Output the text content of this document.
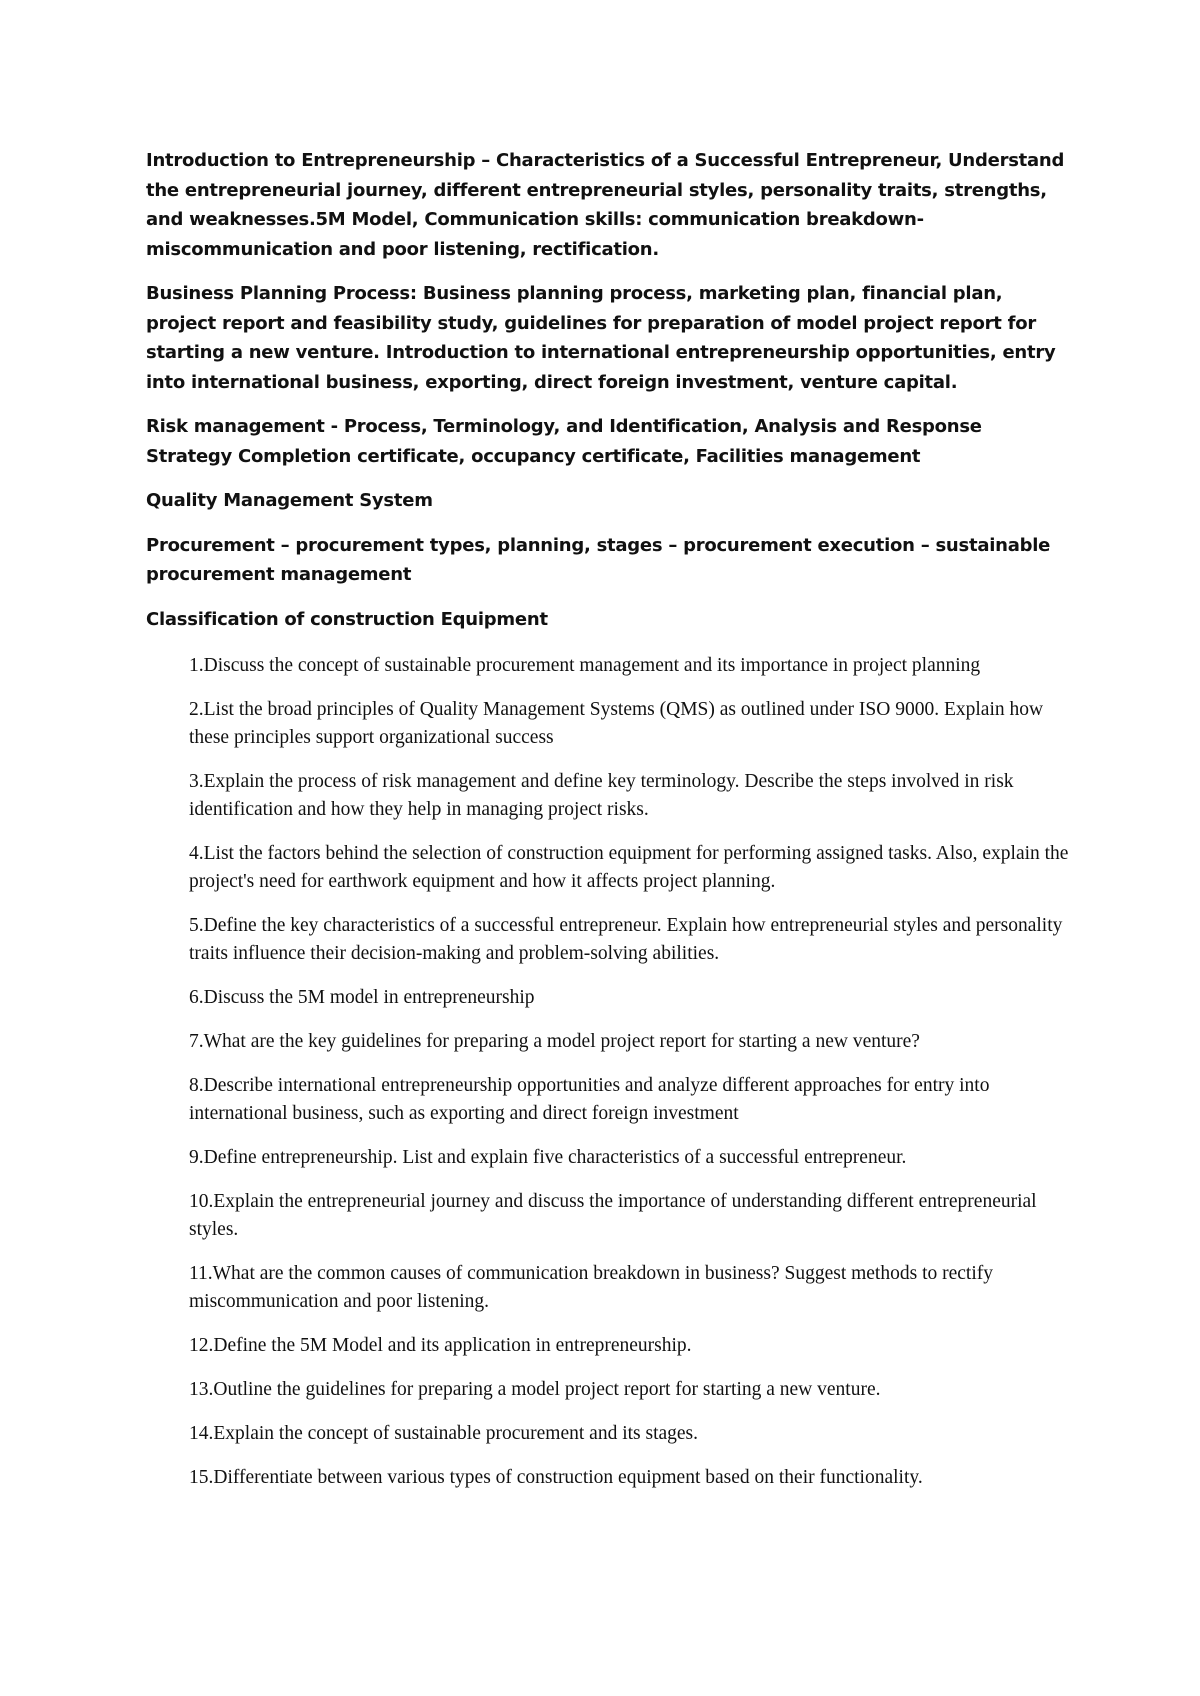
Introduction to Entrepreneurship – Characteristics of a Successful Entrepreneur, Understand the entrepreneurial journey, different entrepreneurial styles, personality traits, strengths, and weaknesses.5M Model, Communication skills: communication breakdown- miscommunication and poor listening, rectification.

Business Planning Process: Business planning process, marketing plan, financial plan, project report and feasibility study, guidelines for preparation of model project report for starting a new venture. Introduction to international entrepreneurship opportunities, entry into international business, exporting, direct foreign investment, venture capital.

Risk management - Process, Terminology, and Identification, Analysis and Response Strategy Completion certificate, occupancy certificate, Facilities management

Quality Management System

Procurement – procurement types, planning, stages – procurement execution – sustainable procurement management

Classification of construction Equipment

1.Discuss the concept of sustainable procurement management and its importance in project planning
2.List the broad principles of Quality Management Systems (QMS) as outlined under ISO 9000. Explain how these principles support organizational success
3.Explain the process of risk management and define key terminology. Describe the steps involved in risk identification and how they help in managing project risks.
4.List the factors behind the selection of construction equipment for performing assigned tasks. Also, explain the project's need for earthwork equipment and how it affects project planning.
5.Define the key characteristics of a successful entrepreneur. Explain how entrepreneurial styles and personality traits influence their decision-making and problem-solving abilities.
6.Discuss the 5M model in entrepreneurship
7.What are the key guidelines for preparing a model project report for starting a new venture?
8.Describe international entrepreneurship opportunities and analyze different approaches for entry into international business, such as exporting and direct foreign investment
9.Define entrepreneurship. List and explain five characteristics of a successful entrepreneur.
10.Explain the entrepreneurial journey and discuss the importance of understanding different entrepreneurial styles.
11.What are the common causes of communication breakdown in business? Suggest methods to rectify miscommunication and poor listening.
12.Define the 5M Model and its application in entrepreneurship.
13.Outline the guidelines for preparing a model project report for starting a new venture.
14.Explain the concept of sustainable procurement and its stages.
15.Differentiate between various types of construction equipment based on their functionality.
